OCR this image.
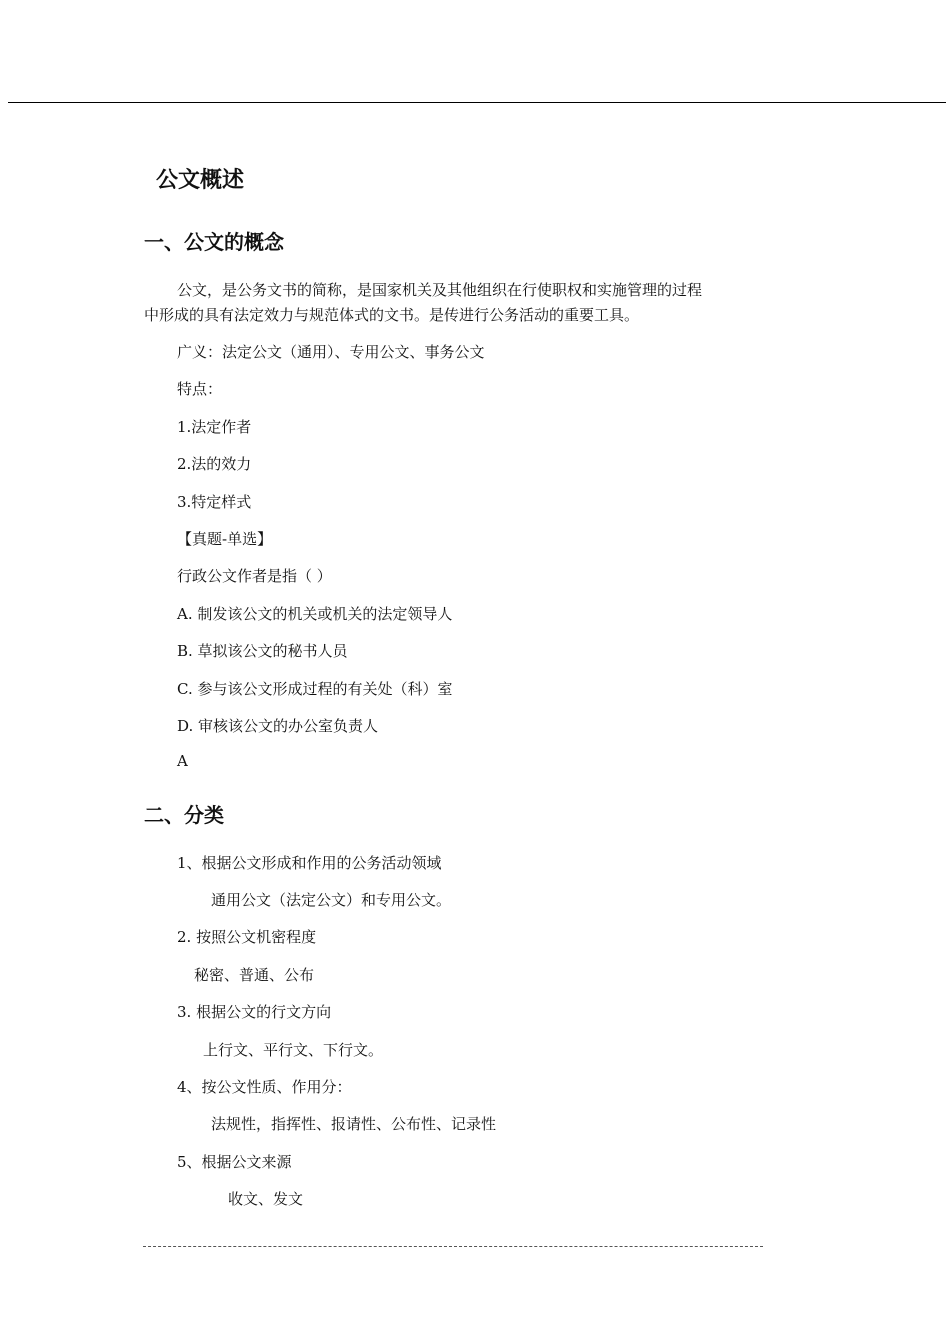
公文概述
一、公文的概念
公文，是公务文书的简称，是国家机关及其他组织在行使职权和实施管理的过程
中形成的具有法定效力与规范体式的文书。是传进行公务活动的重要工具。
广义：法定公文（通用）、专用公文、事务公文
特点：
1.法定作者
2.法的效力
3.特定样式
【真题-单选】
行政公文作者是指（ ）
A. 制发该公文的机关或机关的法定领导人
B. 草拟该公文的秘书人员
C. 参与该公文形成过程的有关处（科）室
D. 审核该公文的办公室负责人
A
二、分类
1、根据公文形成和作用的公务活动领域
通用公文（法定公文）和专用公文。
2. 按照公文机密程度
秘密、普通、公布
3. 根据公文的行文方向
上行文、平行文、下行文。
4、按公文性质、作用分：
法规性，指挥性、报请性、公布性、记录性
5、根据公文来源
收文、发文
